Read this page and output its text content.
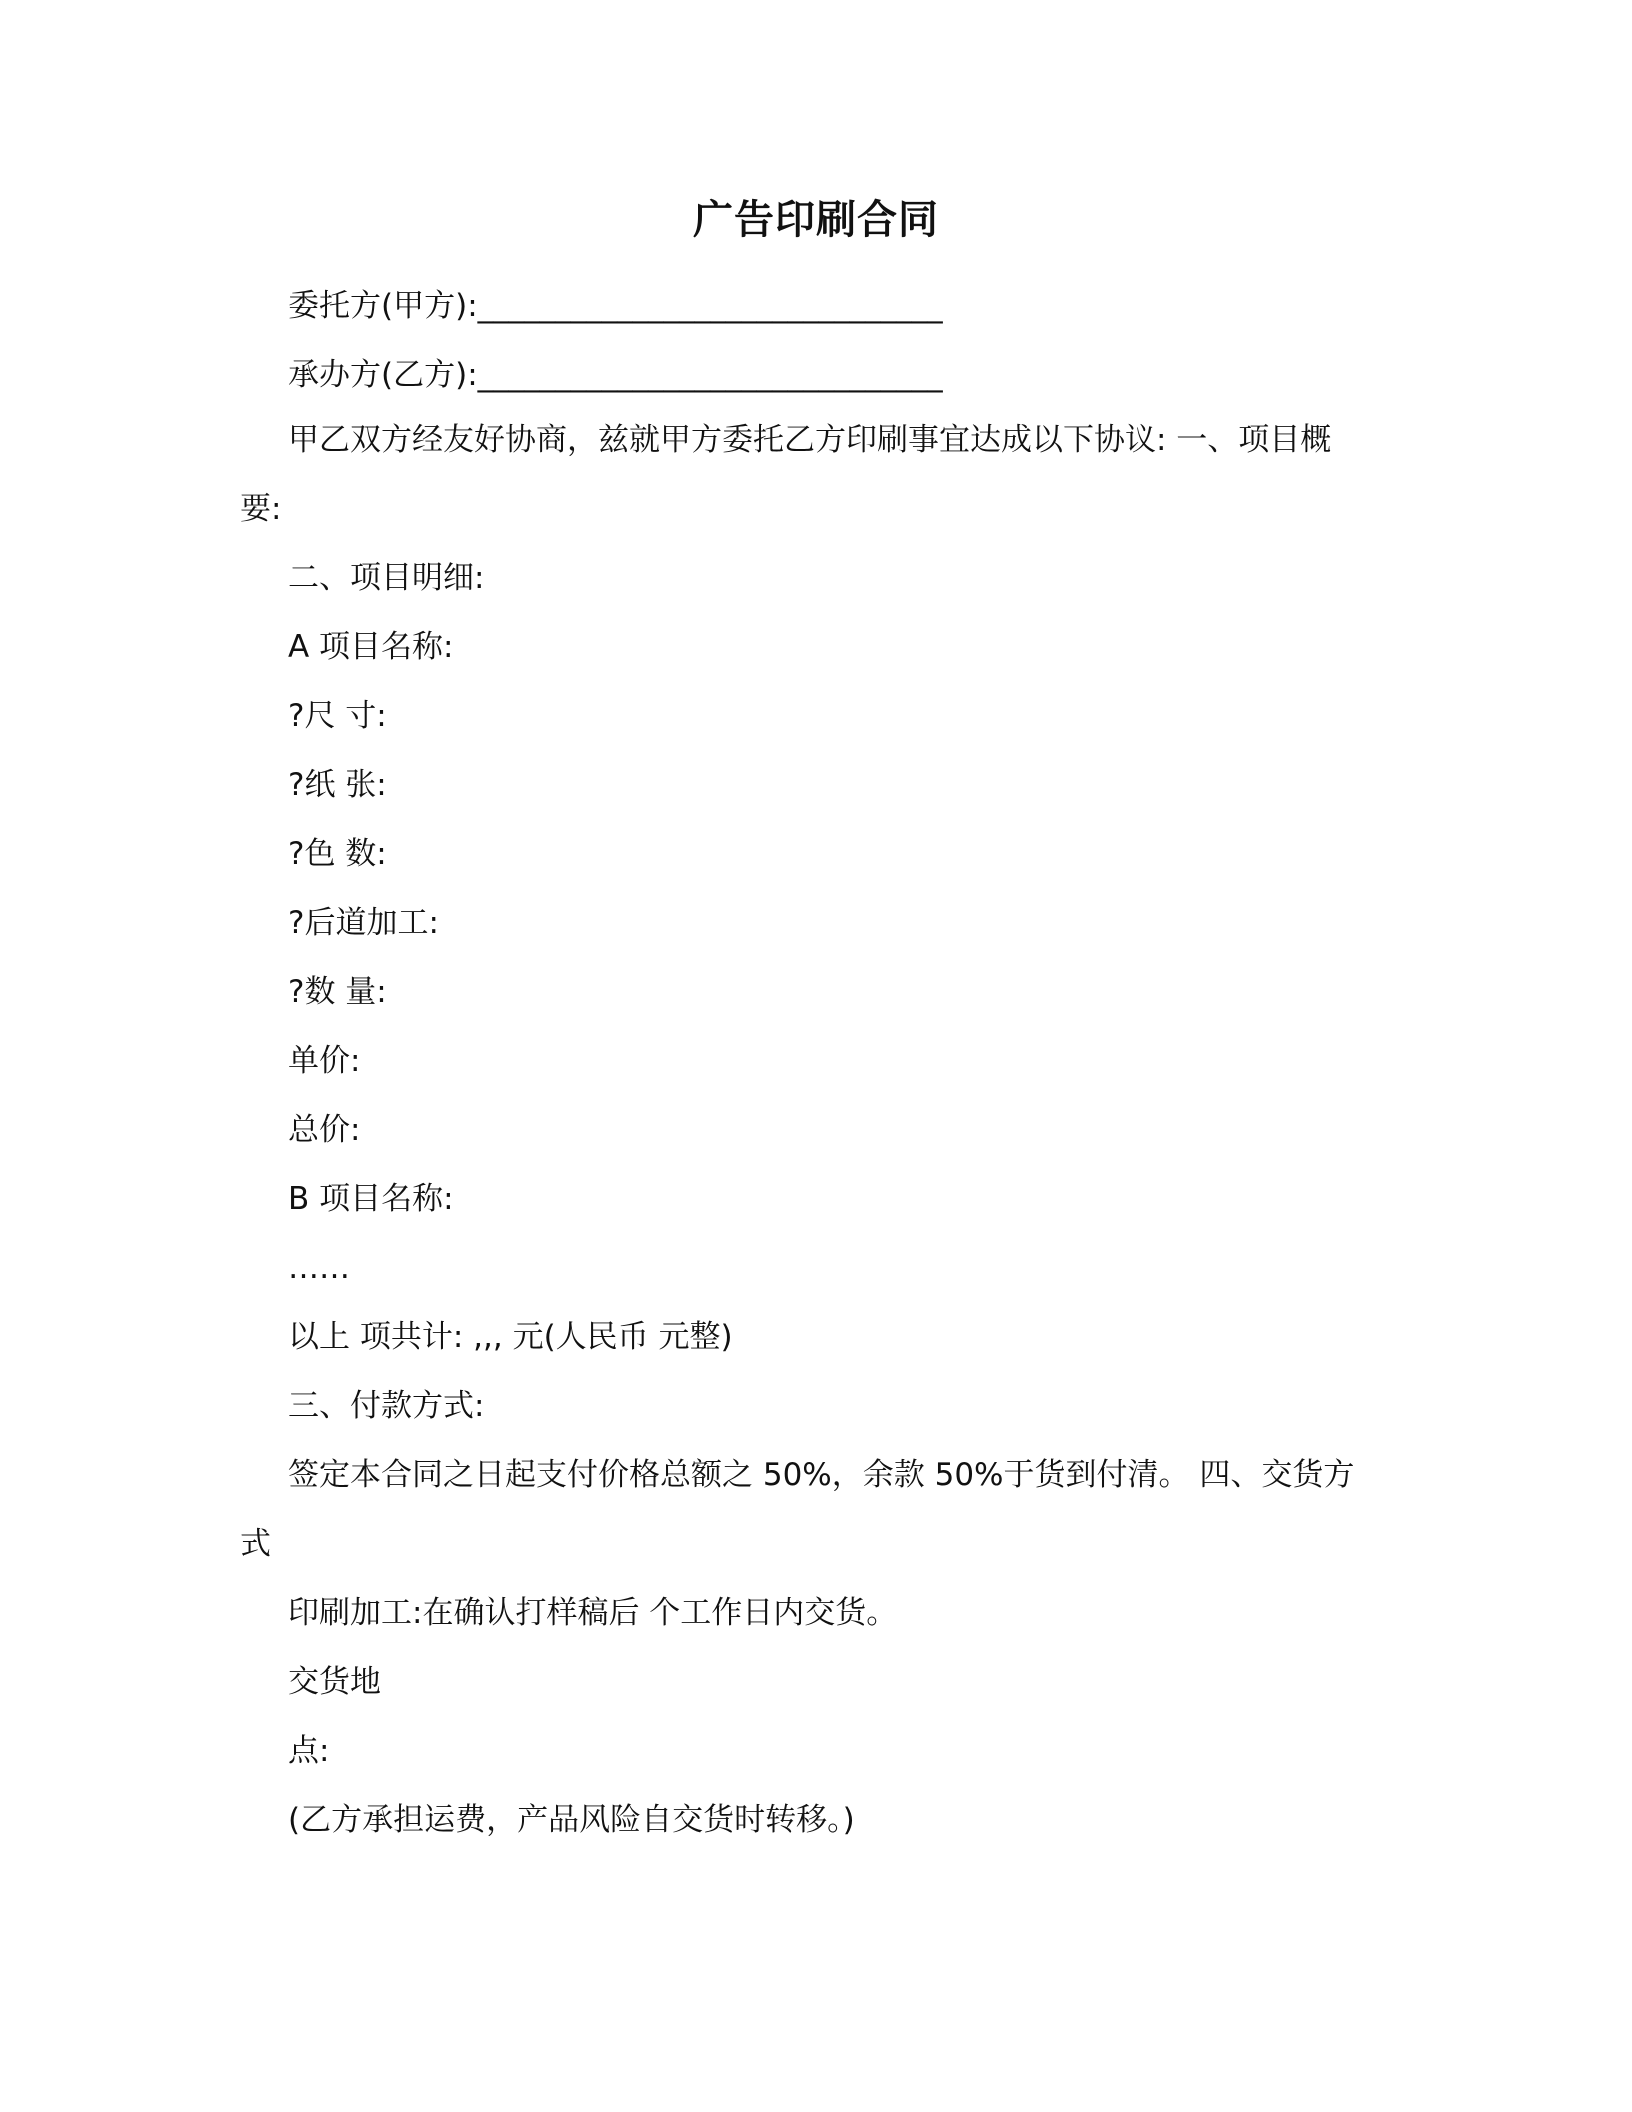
广告印刷合同
委托方(甲方):______________________________
承办方(乙方):______________________________
甲乙双方经友好协商，兹就甲方委托乙方印刷事宜达成以下协议: 一、项目概
要:
二、项目明细:
A 项目名称:
?尺 寸:
?纸 张:
?色 数:
?后道加工:
?数 量:
单价:
总价:
B 项目名称:
……
以上 项共计: ,,, 元(人民币 元整)
三、付款方式:
签定本合同之日起支付价格总额之 50%，余款 50%于货到付清。 四、交货方
式
印刷加工:在确认打样稿后 个工作日内交货。
交货地
点:
(乙方承担运费，产品风险自交货时转移。)
